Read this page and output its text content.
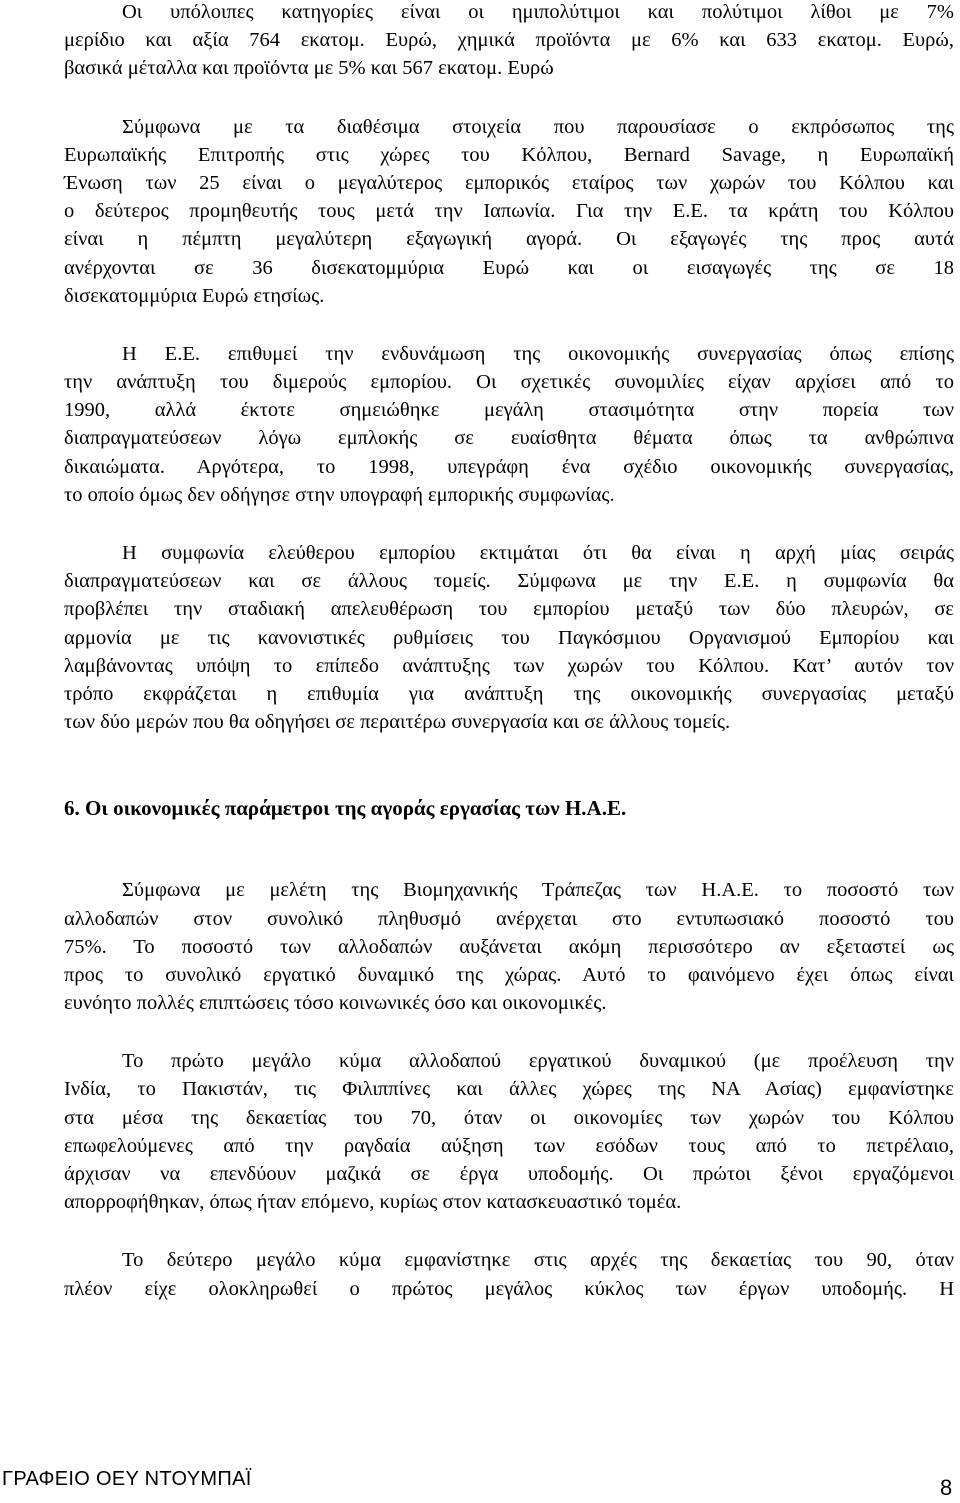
Οι υπόλοιπες κατηγορίες είναι οι ημιπολύτιμοι και πολύτιμοι λίθοι με 7%
μερίδιο και αξία 764 εκατομ. Ευρώ, χημικά προϊόντα με 6% και 633 εκατομ. Ευρώ,
βασικά μέταλλα και προϊόντα με 5% και 567 εκατομ. Ευρώ

Σύμφωνα με τα διαθέσιμα στοιχεία που παρουσίασε ο εκπρόσωπος της
Ευρωπαϊκής Επιτροπής στις χώρες του Κόλπου, Bernard Savage, η Ευρωπαϊκή
Ένωση των 25 είναι ο μεγαλύτερος εμπορικός εταίρος των χωρών του Κόλπου και
ο δεύτερος προμηθευτής τους μετά την Ιαπωνία. Για την Ε.Ε. τα κράτη του Κόλπου
είναι η πέμπτη μεγαλύτερη εξαγωγική αγορά. Οι εξαγωγές της προς αυτά
ανέρχονται σε 36 δισεκατομμύρια Ευρώ και οι εισαγωγές της σε 18
δισεκατομμύρια Ευρώ ετησίως.

Η Ε.Ε. επιθυμεί την ενδυνάμωση της οικονομικής συνεργασίας όπως επίσης
την ανάπτυξη του διμερούς εμπορίου. Οι σχετικές συνομιλίες είχαν αρχίσει από το
1990, αλλά έκτοτε σημειώθηκε μεγάλη στασιμότητα στην πορεία των
διαπραγματεύσεων λόγω εμπλοκής σε ευαίσθητα θέματα όπως τα ανθρώπινα
δικαιώματα. Αργότερα, το 1998, υπεγράφη ένα σχέδιο οικονομικής συνεργασίας,
το οποίο όμως δεν οδήγησε στην υπογραφή εμπορικής συμφωνίας.

Η συμφωνία ελεύθερου εμπορίου εκτιμάται ότι θα είναι η αρχή μίας σειράς
διαπραγματεύσεων και σε άλλους τομείς. Σύμφωνα με την Ε.Ε. η συμφωνία θα
προβλέπει την σταδιακή απελευθέρωση του εμπορίου μεταξύ των δύο πλευρών, σε
αρμονία με τις κανονιστικές ρυθμίσεις του Παγκόσμιου Οργανισμού Εμπορίου και
λαμβάνοντας υπόψη το επίπεδο ανάπτυξης των χωρών του Κόλπου. Κατ’ αυτόν τον
τρόπο εκφράζεται η επιθυμία για ανάπτυξη της οικονομικής συνεργασίας μεταξύ
των δύο μερών που θα οδηγήσει σε περαιτέρω συνεργασία και σε άλλους τομείς.

6. Οι οικονομικές παράμετροι της αγοράς εργασίας των Η.Α.Ε.

Σύμφωνα με μελέτη της Βιομηχανικής Τράπεζας των Η.Α.Ε. το ποσοστό των
αλλοδαπών στον συνολικό πληθυσμό ανέρχεται στο εντυπωσιακό ποσοστό του
75%. Το ποσοστό των αλλοδαπών αυξάνεται ακόμη περισσότερο αν εξεταστεί ως
προς το συνολικό εργατικό δυναμικό της χώρας. Αυτό το φαινόμενο έχει όπως είναι
ευνόητο πολλές επιπτώσεις τόσο κοινωνικές όσο και οικονομικές.

Το πρώτο μεγάλο κύμα αλλοδαπού εργατικού δυναμικού (με προέλευση την
Ινδία, το Πακιστάν, τις Φιλιππίνες και άλλες χώρες της ΝΑ Ασίας) εμφανίστηκε
στα μέσα της δεκαετίας του 70, όταν οι οικονομίες των χωρών του Κόλπου
επωφελούμενες από την ραγδαία αύξηση των εσόδων τους από το πετρέλαιο,
άρχισαν να επενδύουν μαζικά σε έργα υποδομής. Οι πρώτοι ξένοι εργαζόμενοι
απορροφήθηκαν, όπως ήταν επόμενο, κυρίως στον κατασκευαστικό τομέα.

Το δεύτερο μεγάλο κύμα εμφανίστηκε στις αρχές της δεκαετίας του 90, όταν
πλέον είχε ολοκληρωθεί ο πρώτος μεγάλος κύκλος των έργων υποδομής. Η

ΓΡΑΦΕΙΟ ΟΕΥ ΝΤΟΥΜΠΑΪ	8
